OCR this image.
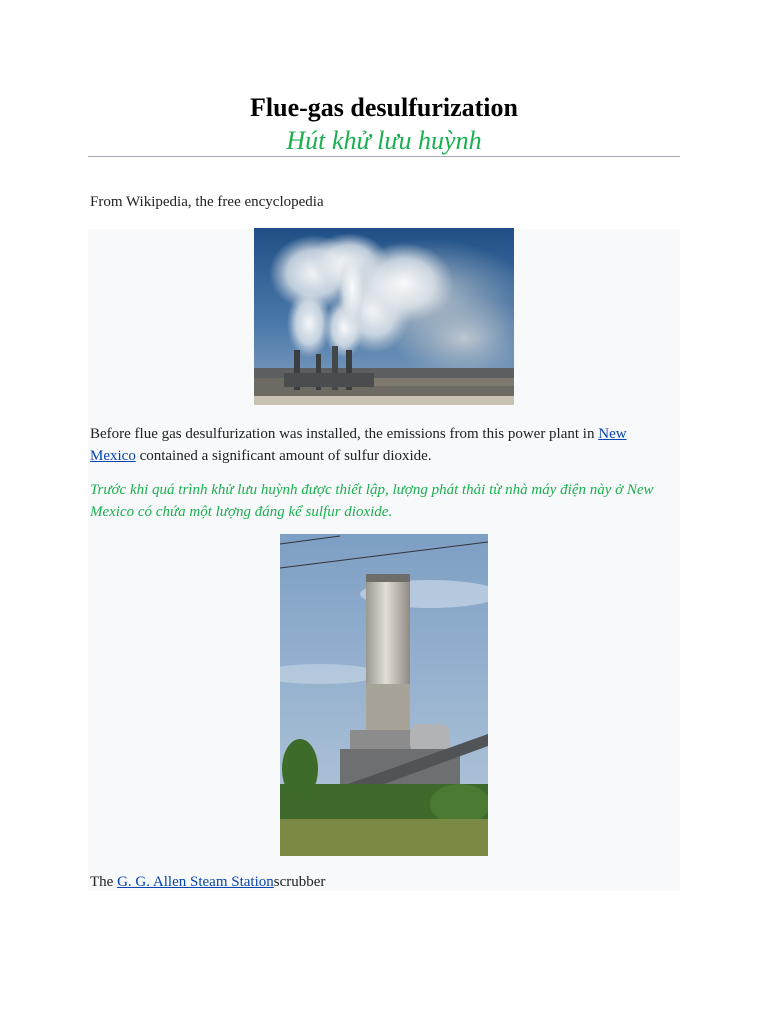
Flue-gas desulfurization
Hút khử lưu huỳnh
From Wikipedia, the free encyclopedia
Before flue gas desulfurization was installed, the emissions from this power plant in New Mexico contained a significant amount of sulfur dioxide.
Trước khi quá trình khử lưu huỳnh được thiết lập, lượng phát thải từ nhà máy điện này ở New Mexico có chứa một lượng đáng kể sulfur dioxide.
The G. G. Allen Steam Stationscrubber
